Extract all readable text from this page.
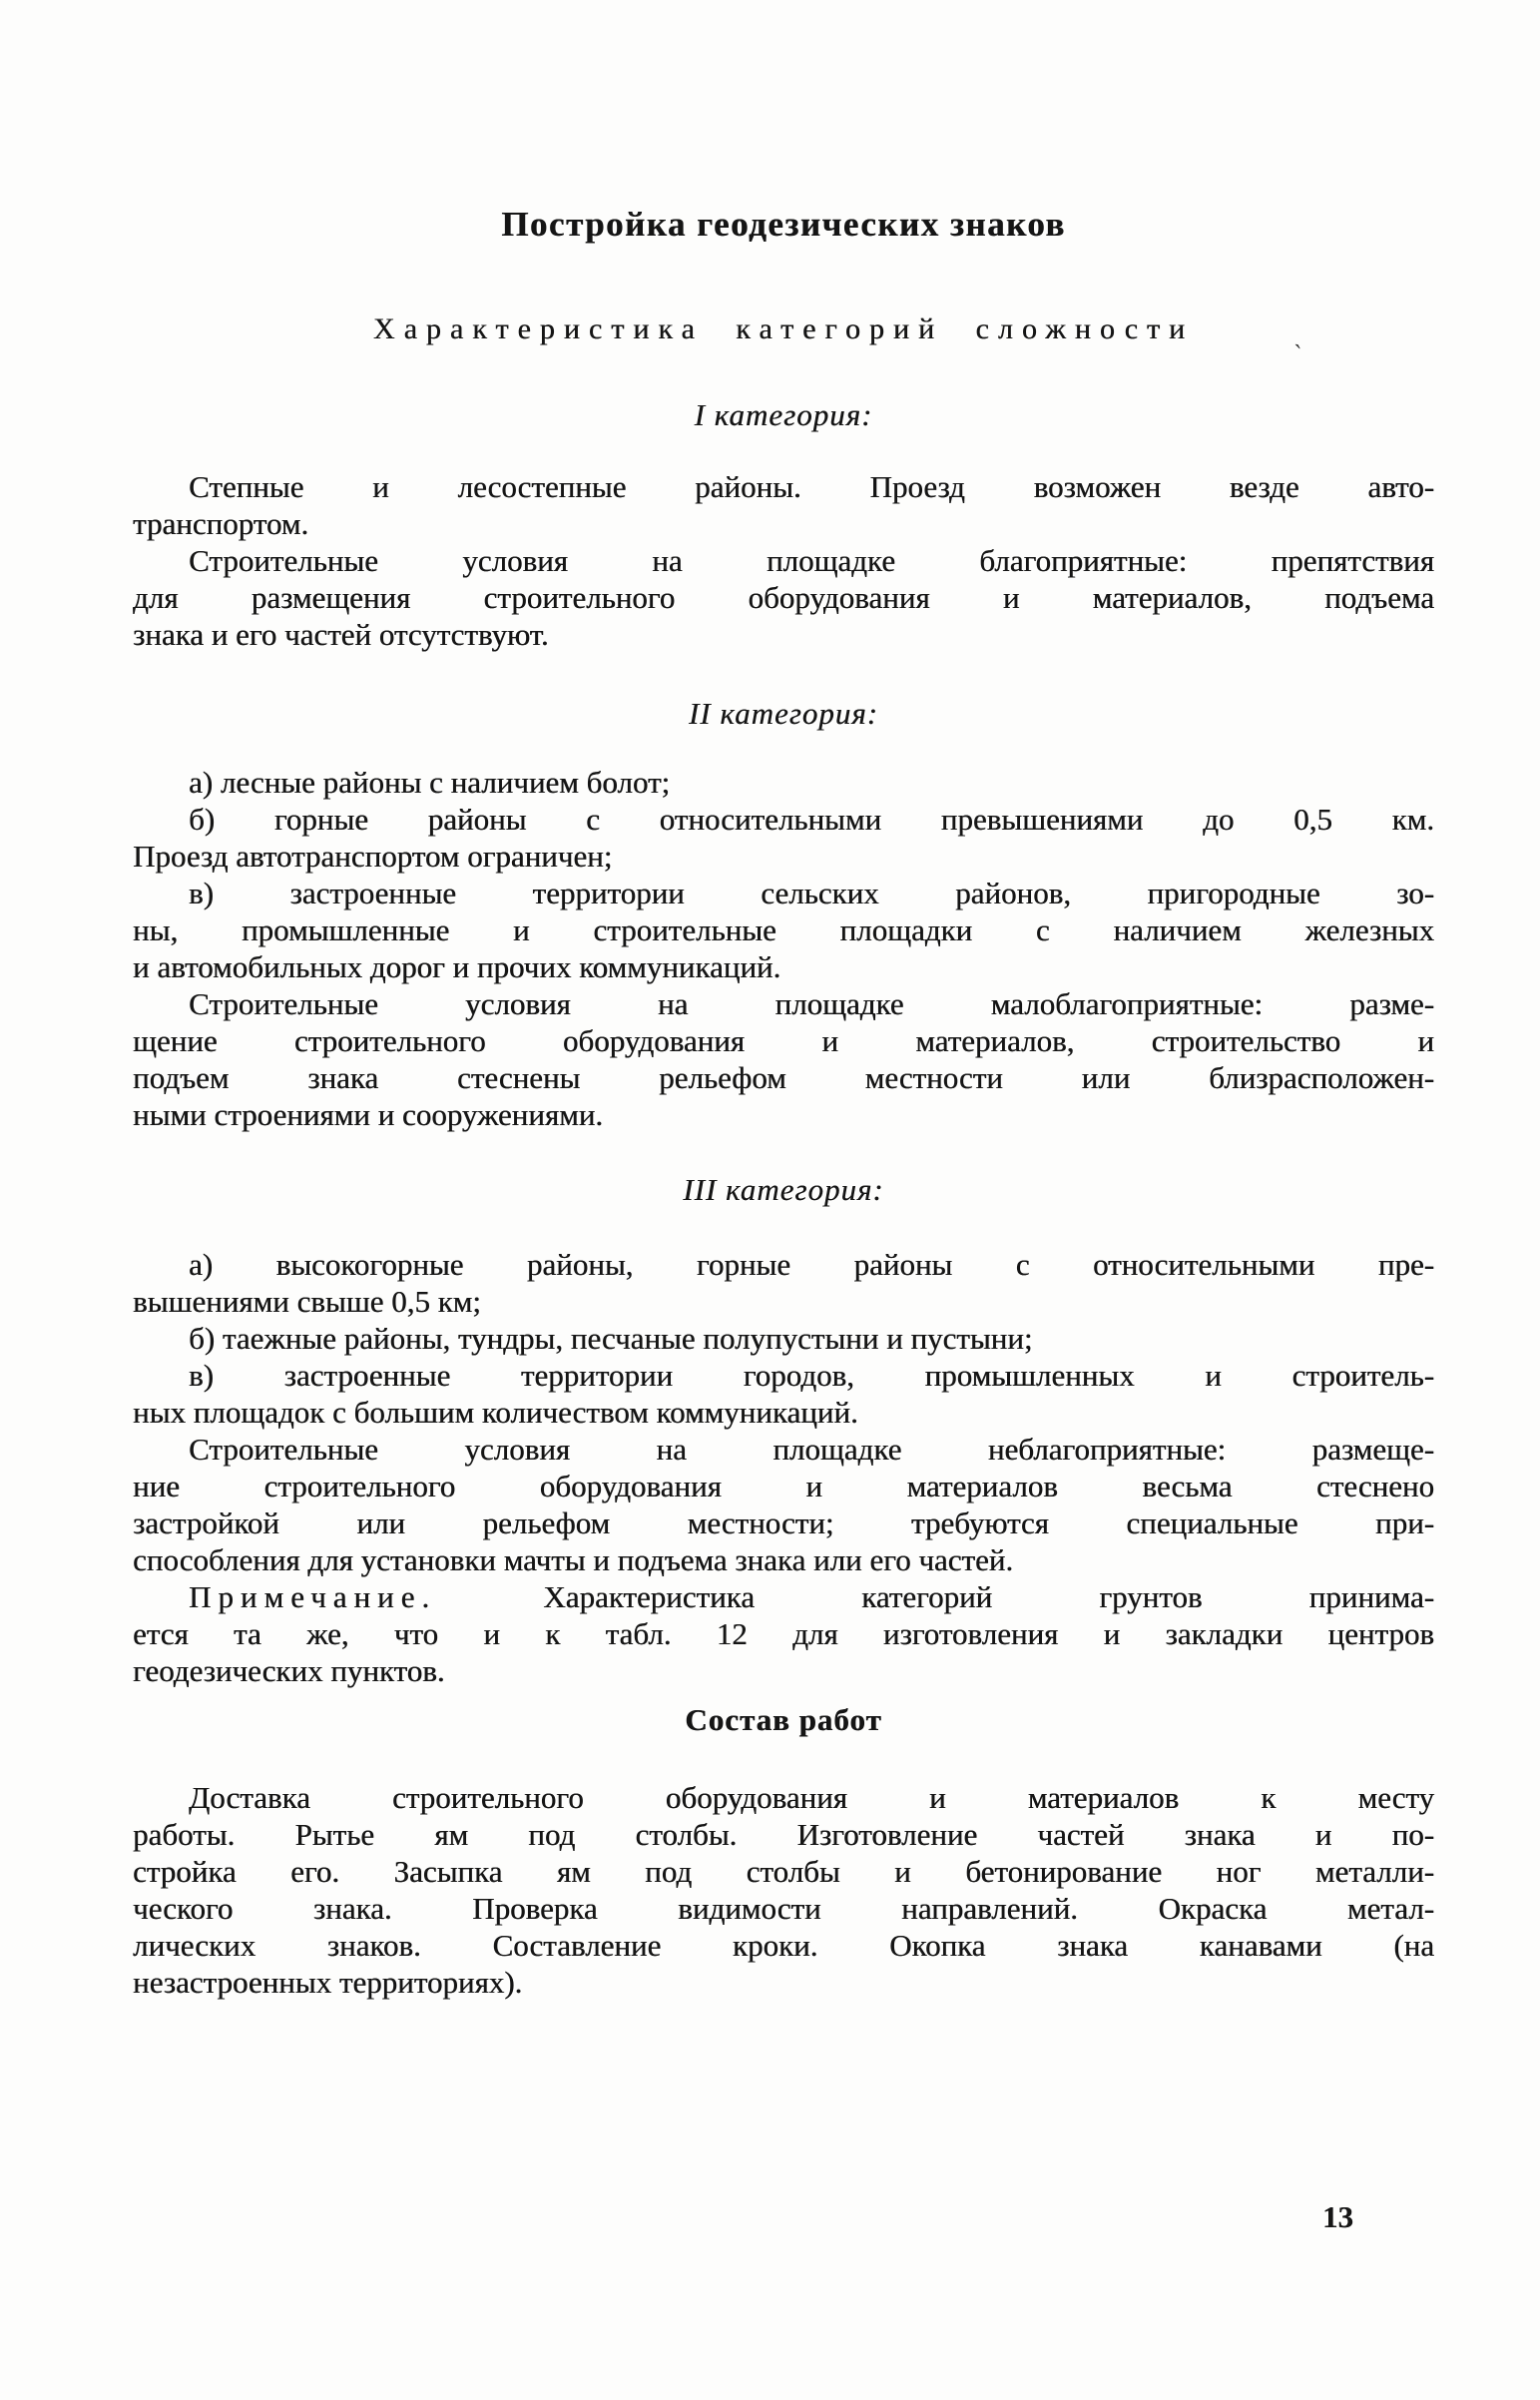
Постройка геодезических знаков
Характеристика категорий сложности
I категория:
Степные и лесостепные районы. Проезд возможен везде авто-
транспортом.
Строительные условия на площадке благоприятные: препятствия
для размещения строительного оборудования и материалов, подъема
знака и его частей отсутствуют.
II категория:
а) лесные районы с наличием болот;
б) горные районы с относительными превышениями до 0,5 км.
Проезд автотранспортом ограничен;
в) застроенные территории сельских районов, пригородные зо-
ны, промышленные и строительные площадки с наличием железных
и автомобильных дорог и прочих коммуникаций.
Строительные условия на площадке малоблагоприятные: разме-
щение строительного оборудования и материалов, строительство и
подъем знака стеснены рельефом местности или близрасположен-
ными строениями и сооружениями.
III категория:
а) высокогорные районы, горные районы с относительными пре-
вышениями свыше 0,5 км;
б) таежные районы, тундры, песчаные полупустыни и пустыни;
в) застроенные территории городов, промышленных и строитель-
ных площадок с большим количеством коммуникаций.
Строительные условия на площадке неблагоприятные: размеще-
ние строительного оборудования и материалов весьма стеснено
застройкой или рельефом местности; требуются специальные при-
способления для установки мачты и подъема знака или его частей.
Примечание.	Характеристика категорий грунтов принима-
ется та же, что и к табл. 12 для изготовления и закладки центров
геодезических пунктов.
Состав работ
Доставка строительного оборудования и материалов к месту
работы. Рытье ям под столбы. Изготовление частей знака и по-
стройка его. Засыпка ям под столбы и бетонирование ног металли-
ческого знака. Проверка видимости направлений. Окраска метал-
лических знаков. Составление кроки. Окопка знака канавами (на
незастроенных территориях).
`
13
